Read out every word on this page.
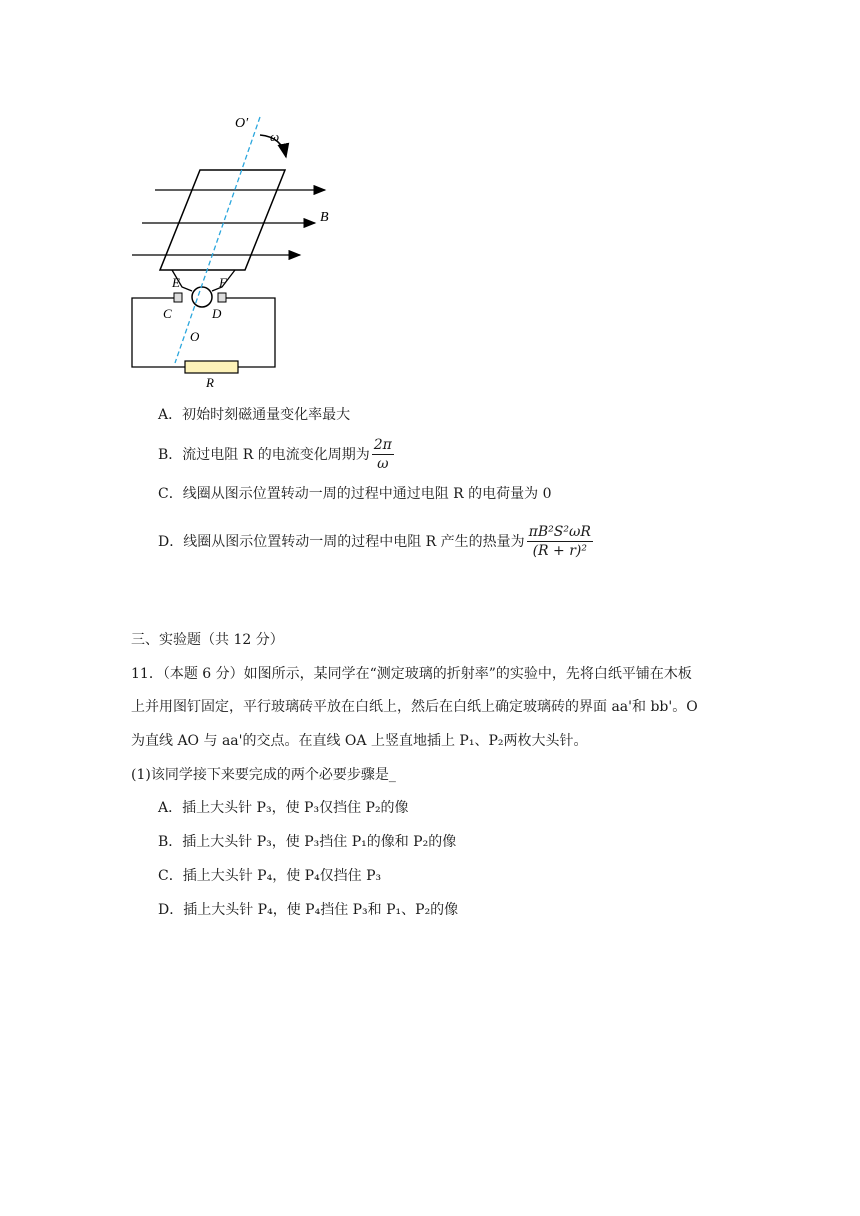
O′
ω
B
E	F
C	D
O
R
A．初始时刻磁通量变化率最大
B．流过电阻 R 的电流变化周期为 $\frac{2\pi}{\omega}$
C．线圈从图示位置转动一周的过程中通过电阻 R 的电荷量为 0
D．线圈从图示位置转动一周的过程中电阻 R 产生的热量为 $\frac{\text{πB²S²ωR}}{\text{(R + r)²}}$
三、实验题（共 12 分）
11．（本题 6 分）如图所示，某同学在“测定玻璃的折射率”的实验中，先将白纸平铺在木板
上并用图钉固定，平行玻璃砖平放在白纸上，然后在白纸上确定玻璃砖的界面 aa'和 bb'。O
为直线 AO 与 aa'的交点。在直线 OA 上竖直地插上 P₁、P₂两枚大头针。
(1)该同学接下来要完成的两个必要步骤是_
A．插上大头针 P₃，使 P₃仅挡住 P₂的像
B．插上大头针 P₃，使 P₃挡住 P₁的像和 P₂的像
C．插上大头针 P₄，使 P₄仅挡住 P₃
D．插上大头针 P₄，使 P₄挡住 P₃和 P₁、P₂的像
